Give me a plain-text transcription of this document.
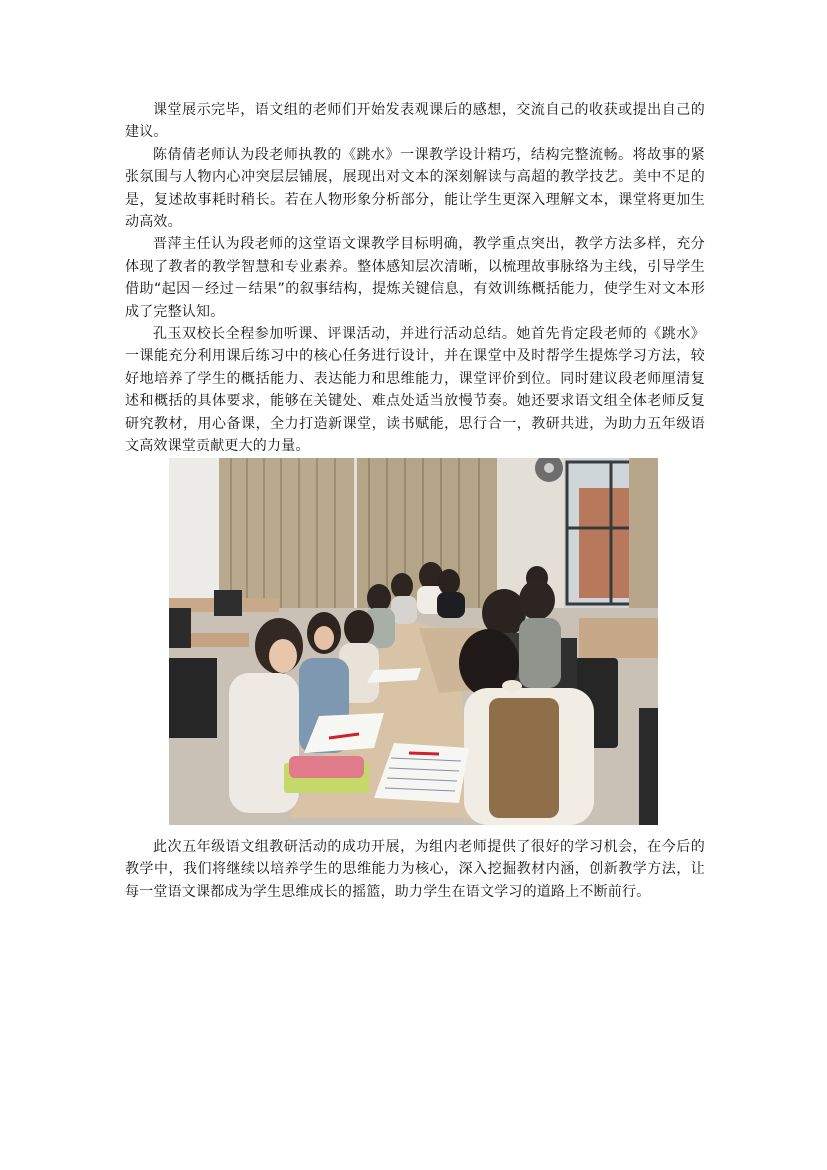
课堂展示完毕，语文组的老师们开始发表观课后的感想，交流自己的收获或提出自己的建议。

陈倩倩老师认为段老师执教的《跳水》一课教学设计精巧，结构完整流畅。将故事的紧张氛围与人物内心冲突层层铺展，展现出对文本的深刻解读与高超的教学技艺。美中不足的是，复述故事耗时稍长。若在人物形象分析部分，能让学生更深入理解文本，课堂将更加生动高效。

晋萍主任认为段老师的这堂语文课教学目标明确，教学重点突出，教学方法多样，充分体现了教者的教学智慧和专业素养。整体感知层次清晰，以梳理故事脉络为主线，引导学生借助“起因－经过－结果”的叙事结构，提炼关键信息，有效训练概括能力，使学生对文本形成了完整认知。

孔玉双校长全程参加听课、评课活动，并进行活动总结。她首先肯定段老师的《跳水》一课能充分利用课后练习中的核心任务进行设计，并在课堂中及时帮学生提炼学习方法，较好地培养了学生的概括能力、表达能力和思维能力，课堂评价到位。同时建议段老师厘清复述和概括的具体要求，能够在关键处、难点处适当放慢节奏。她还要求语文组全体老师反复研究教材，用心备课，全力打造新课堂，读书赋能，思行合一，教研共进，为助力五年级语文高效课堂贡献更大的力量。

此次五年级语文组教研活动的成功开展，为组内老师提供了很好的学习机会，在今后的教学中，我们将继续以培养学生的思维能力为核心，深入挖掘教材内涵，创新教学方法，让每一堂语文课都成为学生思维成长的摇篮，助力学生在语文学习的道路上不断前行。
